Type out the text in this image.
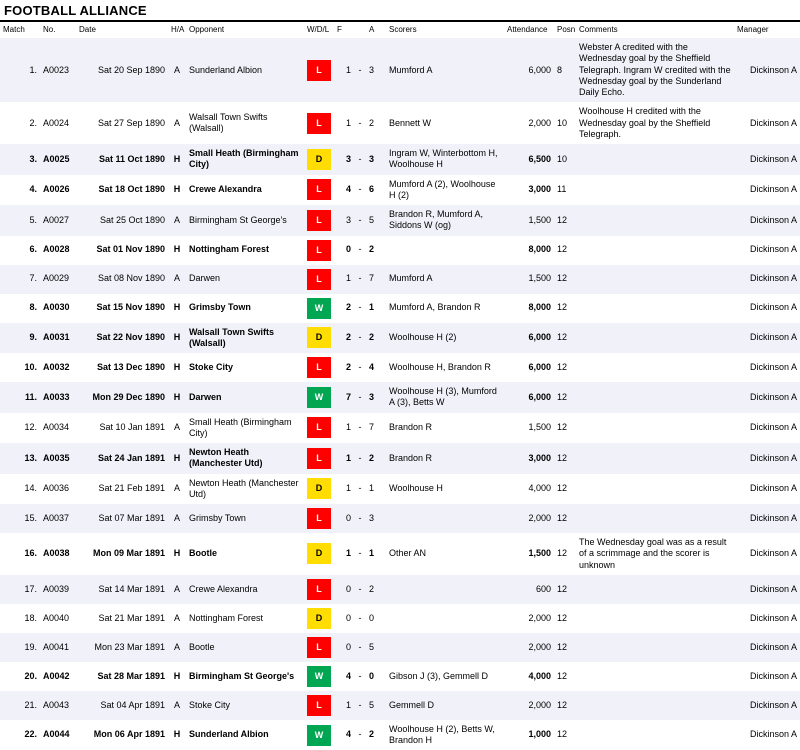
FOOTBALL ALLIANCE
Match	No.	Date	H/A	Opponent	W/D/L	F		A	Scorers	Attendance	Posn	Comments	Manager
1.	A0023	Sat 20 Sep 1890	A	Sunderland Albion	L	1	-	3	Mumford A	6,000	8	Webster A credited with the Wednesday goal by the Sheffield Telegraph. Ingram W credited with the Wednesday goal by the Sunderland Daily Echo.	Dickinson A
2.	A0024	Sat 27 Sep 1890	A	Walsall Town Swifts (Walsall)	L	1	-	2	Bennett W	2,000	10	Woolhouse H credited with the Wednesday goal by the Sheffield Telegraph.	Dickinson A
3.	A0025	Sat 11 Oct 1890	H	Small Heath (Birmingham City)	D	3	-	3	Ingram W, Winterbottom H, Woolhouse H	6,500	10		Dickinson A
4.	A0026	Sat 18 Oct 1890	H	Crewe Alexandra	L	4	-	6	Mumford A (2), Woolhouse H (2)	3,000	11		Dickinson A
5.	A0027	Sat 25 Oct 1890	A	Birmingham St George's	L	3	-	5	Brandon R, Mumford A, Siddons W (og)	1,500	12		Dickinson A
6.	A0028	Sat 01 Nov 1890	H	Nottingham Forest	L	0	-	2		8,000	12		Dickinson A
7.	A0029	Sat 08 Nov 1890	A	Darwen	L	1	-	7	Mumford A	1,500	12		Dickinson A
8.	A0030	Sat 15 Nov 1890	H	Grimsby Town	W	2	-	1	Mumford A, Brandon R	8,000	12		Dickinson A
9.	A0031	Sat 22 Nov 1890	H	Walsall Town Swifts (Walsall)	D	2	-	2	Woolhouse H (2)	6,000	12		Dickinson A
10.	A0032	Sat 13 Dec 1890	H	Stoke City	L	2	-	4	Woolhouse H, Brandon R	6,000	12		Dickinson A
11.	A0033	Mon 29 Dec 1890	H	Darwen	W	7	-	3	Woolhouse H (3), Mumford A (3), Betts W	6,000	12		Dickinson A
12.	A0034	Sat 10 Jan 1891	A	Small Heath (Birmingham City)	L	1	-	7	Brandon R	1,500	12		Dickinson A
13.	A0035	Sat 24 Jan 1891	H	Newton Heath (Manchester Utd)	L	1	-	2	Brandon R	3,000	12		Dickinson A
14.	A0036	Sat 21 Feb 1891	A	Newton Heath (Manchester Utd)	D	1	-	1	Woolhouse H	4,000	12		Dickinson A
15.	A0037	Sat 07 Mar 1891	A	Grimsby Town	L	0	-	3		2,000	12		Dickinson A
16.	A0038	Mon 09 Mar 1891	H	Bootle	D	1	-	1	Other AN	1,500	12	The Wednesday goal was as a result of a scrimmage and the scorer is unknown	Dickinson A
17.	A0039	Sat 14 Mar 1891	A	Crewe Alexandra	L	0	-	2		600	12		Dickinson A
18.	A0040	Sat 21 Mar 1891	A	Nottingham Forest	D	0	-	0		2,000	12		Dickinson A
19.	A0041	Mon 23 Mar 1891	A	Bootle	L	0	-	5		2,000	12		Dickinson A
20.	A0042	Sat 28 Mar 1891	H	Birmingham St George's	W	4	-	0	Gibson J (3), Gemmell D	4,000	12		Dickinson A
21.	A0043	Sat 04 Apr 1891	A	Stoke City	L	1	-	5	Gemmell D	2,000	12		Dickinson A
22.	A0044	Mon 06 Apr 1891	H	Sunderland Albion	W	4	-	2	Woolhouse H (2), Betts W, Brandon H	1,000	12		Dickinson A
